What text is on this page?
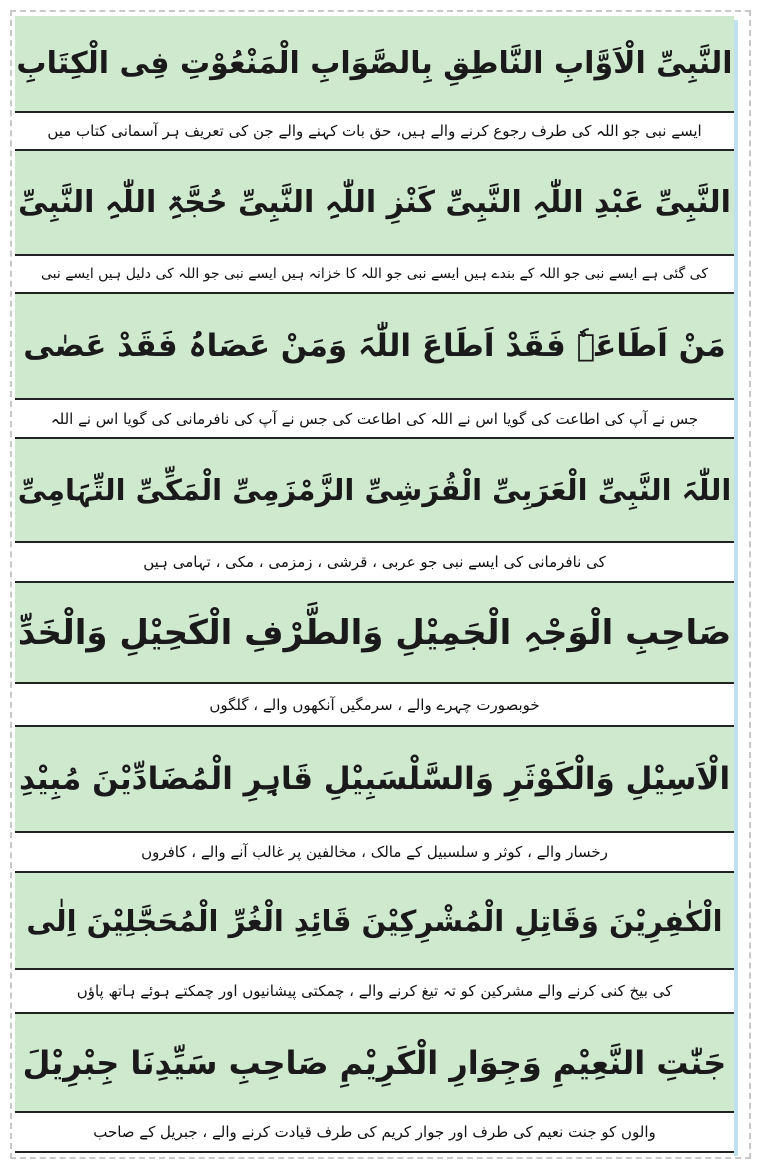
النَّبِیِّ الْاَوَّابِ النَّاطِقِ بِالصَّوَابِ الْمَنْعُوْتِ فِی الْکِتَابِ
ایسے نبی جو اللہ کی طرف رجوع کرنے والے ہیں، حق بات کہنے والے جن کی تعریف ہر آسمانی کتاب میں
النَّبِیِّ عَبْدِ اللّٰہِ النَّبِیِّ کَنْزِ اللّٰہِ النَّبِیِّ حُجَّۃِ اللّٰہِ النَّبِیِّ
کی گئی ہے ایسے نبی جو اللہ کے بندے ہیں ایسے نبی جو اللہ کا خزانہ ہیں ایسے نبی جو اللہ کی دلیل ہیں ایسے نبی
مَنْ اَطَاعَہٗ فَقَدْ اَطَاعَ اللّٰہَ وَمَنْ عَصَاہُ فَقَدْ عَصٰی
جس نے آپ کی اطاعت کی گویا اس نے اللہ کی اطاعت کی جس نے آپ کی نافرمانی کی گویا اس نے اللہ
اللّٰہَ النَّبِیِّ الْعَرَبِیِّ الْقُرَشِیِّ الزَّمْزَمِیِّ الْمَکِّیِّ التِّہَامِیِّ
کی نافرمانی کی ایسے نبی جو عربی ، قرشی ، زمزمی ، مکی ، تہامی ہیں
صَاحِبِ الْوَجْہِ الْجَمِیْلِ وَالطَّرْفِ الْکَحِیْلِ وَالْخَدِّ
خوبصورت چہرے والے ، سرمگیں آنکھوں والے ، گلگوں
الْاَسِیْلِ وَالْکَوْثَرِ وَالسَّلْسَبِیْلِ قَاہِرِ الْمُضَادِّیْنَ مُبِیْدِ
رخسار والے ، کوثر و سلسبیل کے مالک ، مخالفین پر غالب آنے والے ، کافروں
الْکٰفِرِیْنَ وَقَاتِلِ الْمُشْرِکِیْنَ قَائِدِ الْغُرِّ الْمُحَجَّلِیْنَ اِلٰی
کی بیخ کنی کرنے والے مشرکین کو تہ تیغ کرنے والے ، چمکتی پیشانیوں اور چمکتے ہوئے ہاتھ پاؤں
جَنّٰتِ النَّعِیْمِ وَجِوَارِ الْکَرِیْمِ صَاحِبِ سَیِّدِنَا جِبْرِیْلَ
والوں کو جنت نعیم کی طرف اور جوار کریم کی طرف قیادت کرنے والے ، جبریل کے صاحب
